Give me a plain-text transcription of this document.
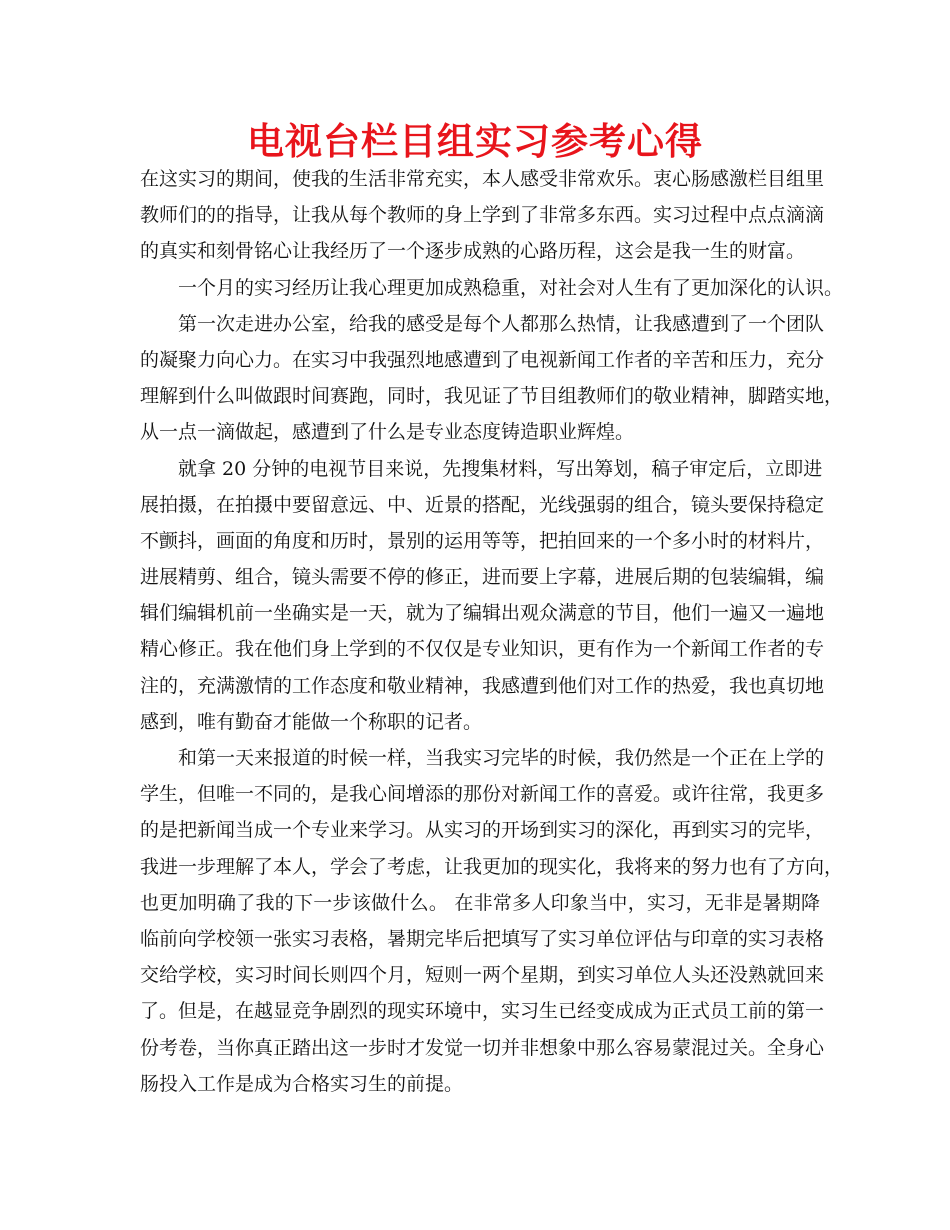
电视台栏目组实习参考心得
在这实习的期间，使我的生活非常充实，本人感受非常欢乐。衷心肠感激栏目组里
教师们的的指导，让我从每个教师的身上学到了非常多东西。实习过程中点点滴滴
的真实和刻骨铭心让我经历了一个逐步成熟的心路历程，这会是我一生的财富。
一个月的实习经历让我心理更加成熟稳重，对社会对人生有了更加深化的认识。
第一次走进办公室，给我的感受是每个人都那么热情，让我感遭到了一个团队
的凝聚力向心力。在实习中我强烈地感遭到了电视新闻工作者的辛苦和压力，充分
理解到什么叫做跟时间赛跑，同时，我见证了节目组教师们的敬业精神，脚踏实地，
从一点一滴做起，感遭到了什么是专业态度铸造职业辉煌。
就拿 20 分钟的电视节目来说，先搜集材料，写出筹划，稿子审定后，立即进
展拍摄，在拍摄中要留意远、中、近景的搭配，光线强弱的组合，镜头要保持稳定
不颤抖，画面的角度和历时，景别的运用等等，把拍回来的一个多小时的材料片，
进展精剪、组合，镜头需要不停的修正，进而要上字幕，进展后期的包装编辑，编
辑们编辑机前一坐确实是一天，就为了编辑出观众满意的节目，他们一遍又一遍地
精心修正。我在他们身上学到的不仅仅是专业知识，更有作为一个新闻工作者的专
注的，充满激情的工作态度和敬业精神，我感遭到他们对工作的热爱，我也真切地
感到，唯有勤奋才能做一个称职的记者。
和第一天来报道的时候一样，当我实习完毕的时候，我仍然是一个正在上学的
学生，但唯一不同的，是我心间增添的那份对新闻工作的喜爱。或许往常，我更多
的是把新闻当成一个专业来学习。从实习的开场到实习的深化，再到实习的完毕，
我进一步理解了本人，学会了考虑，让我更加的现实化，我将来的努力也有了方向，
也更加明确了我的下一步该做什么。 在非常多人印象当中，实习，无非是暑期降
临前向学校领一张实习表格，暑期完毕后把填写了实习单位评估与印章的实习表格
交给学校，实习时间长则四个月，短则一两个星期，到实习单位人头还没熟就回来
了。但是，在越显竞争剧烈的现实环境中，实习生已经变成成为正式员工前的第一
份考卷，当你真正踏出这一步时才发觉一切并非想象中那么容易蒙混过关。全身心
肠投入工作是成为合格实习生的前提。
